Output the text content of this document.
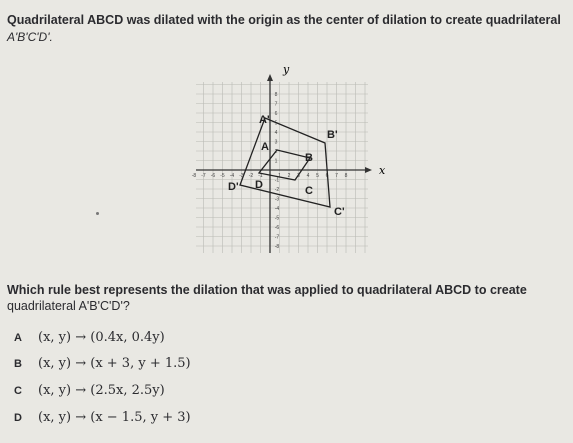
Quadrilateral ABCD was dilated with the origin as the center of dilation to create quadrilateral
A'B'C'D'.
1
1
2
2
3
3
4
4
5
5
6
6
7
7
8
8
-8
-8
-7
-7
-6
-6
-5
-5
-4
-4
-3
-3
-2
-2
-1
-1
x
y
A
B
C
D
A'
B'
C'
D'
Which rule best represents the dilation that was applied to quadrilateral ABCD to create
quadrilateral A'B'C'D'?
A (x, y) → (0.4x, 0.4y)
B (x, y) → (x + 3, y + 1.5)
C (x, y) → (2.5x, 2.5y)
D (x, y) → (x − 1.5, y + 3)
